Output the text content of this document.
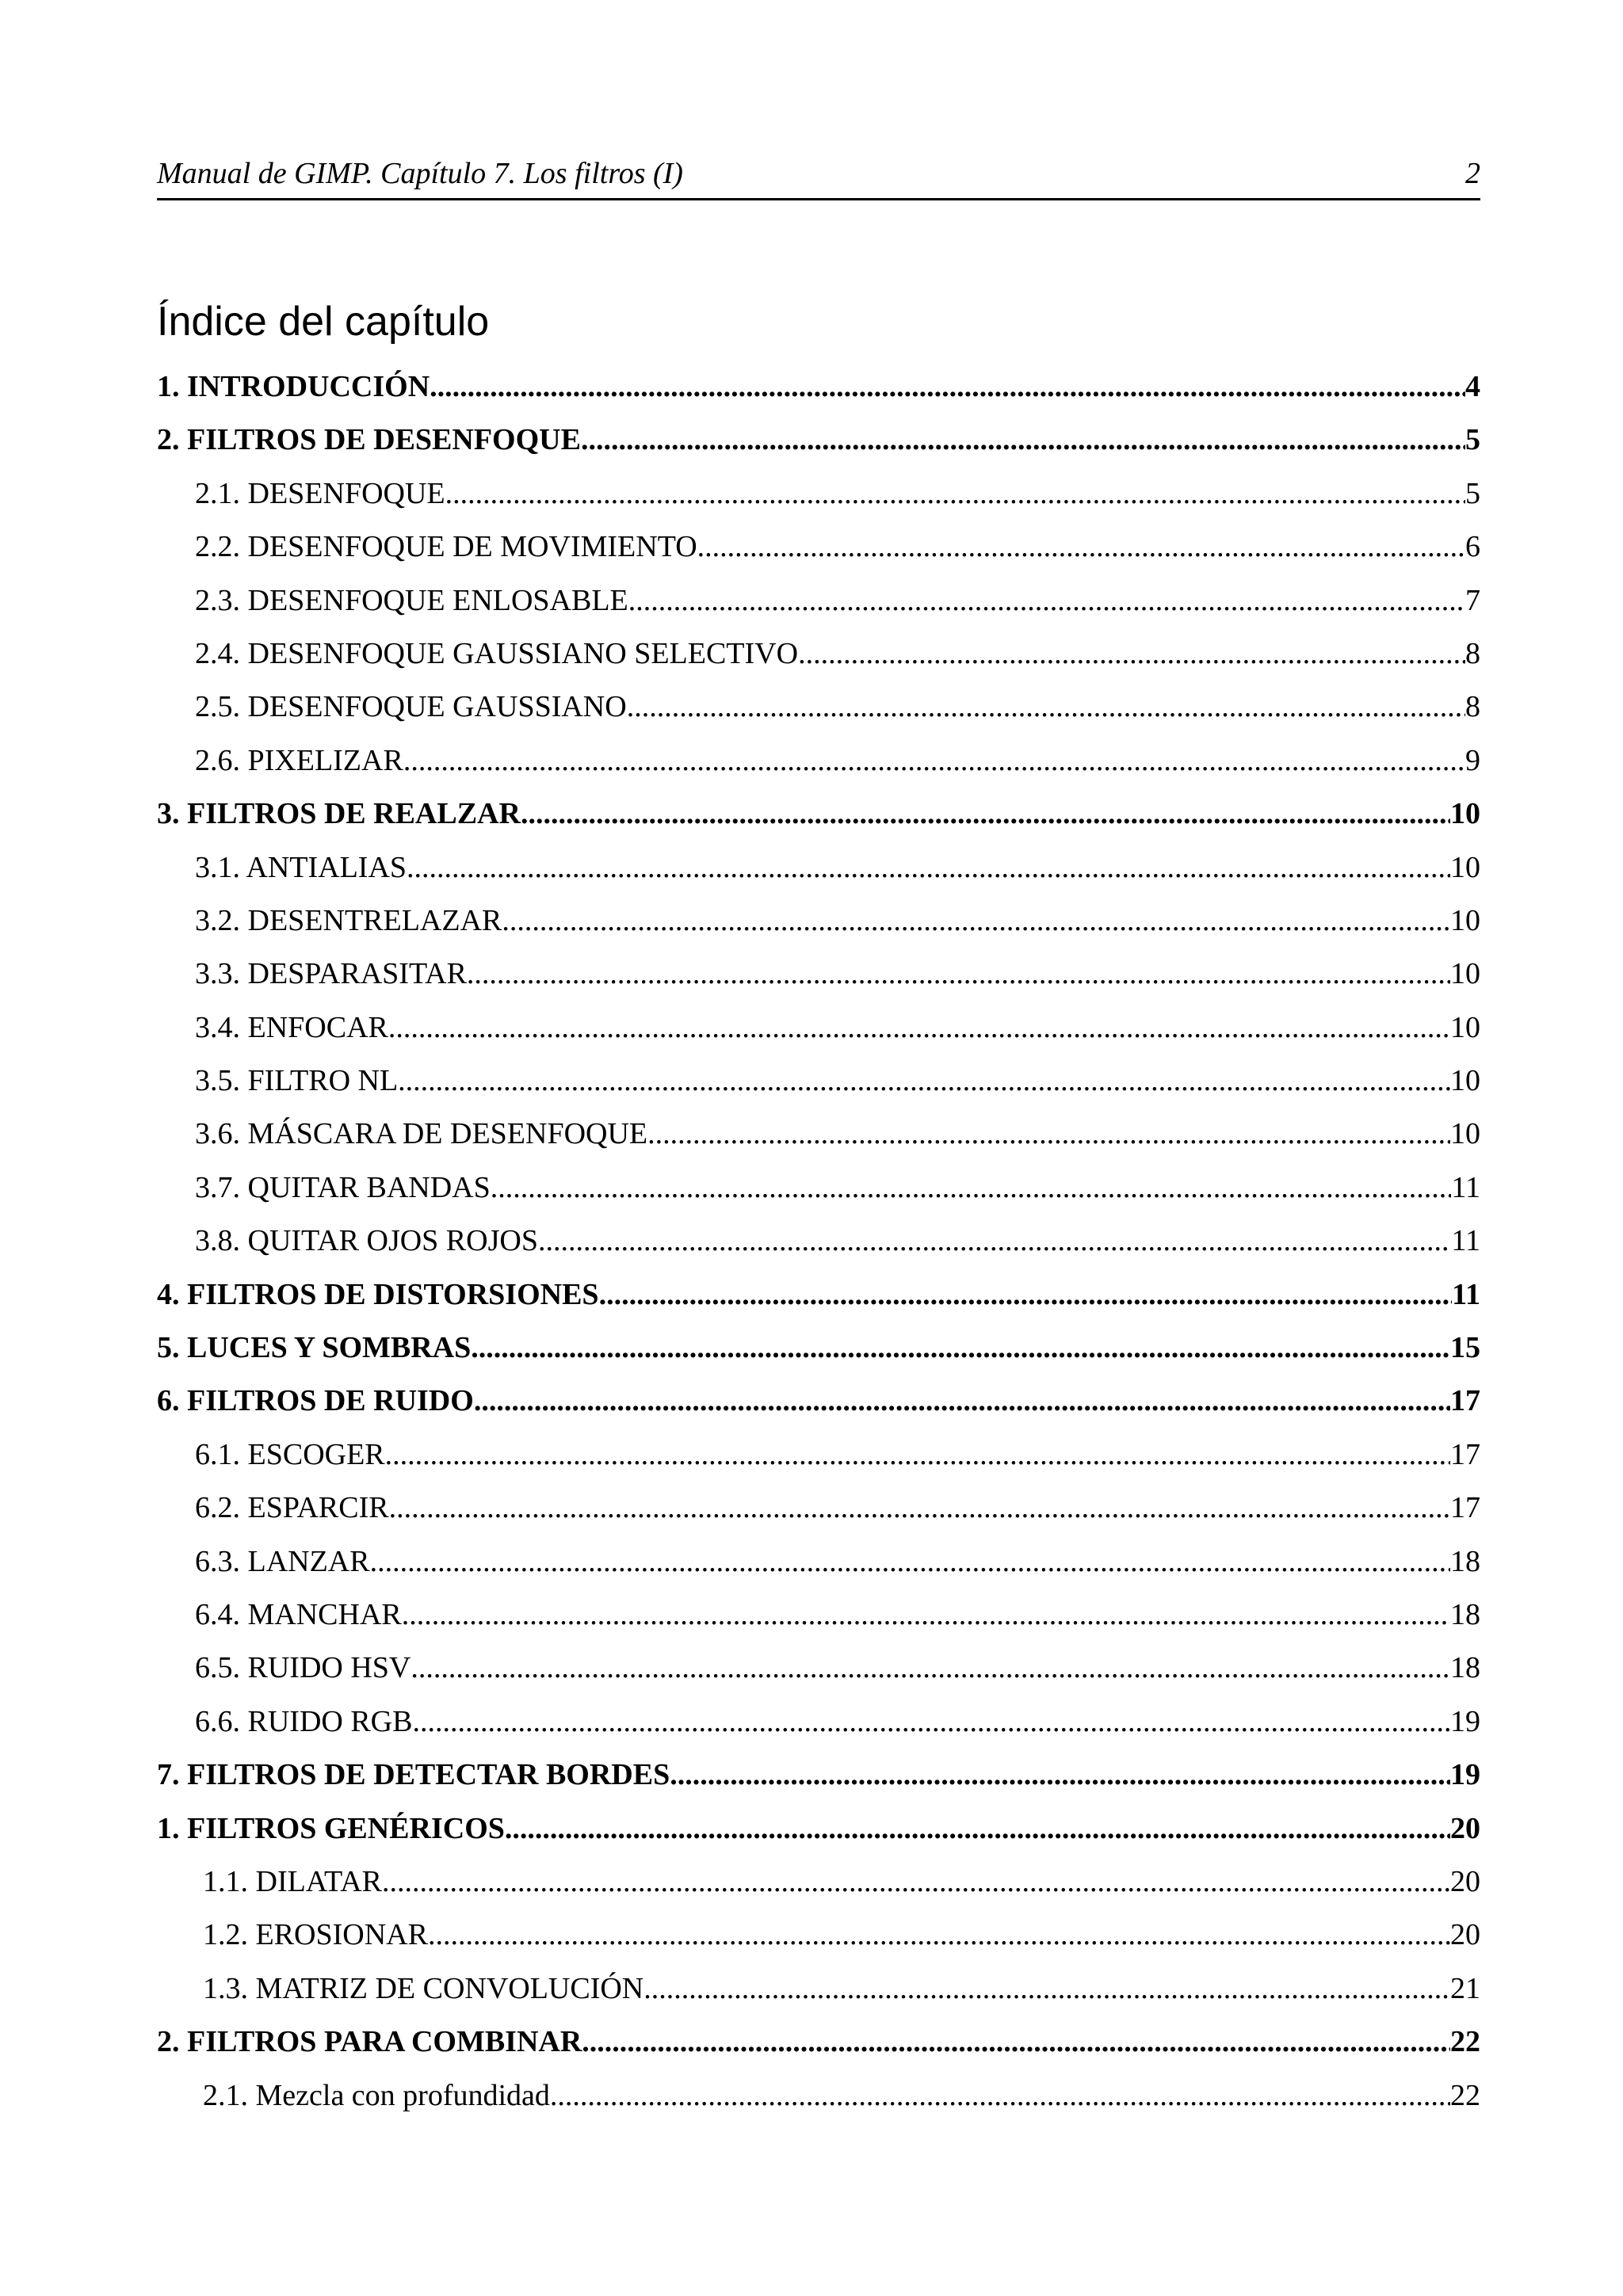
Manual de GIMP. Capítulo 7. Los filtros (I)	2
Índice del capítulo
1. INTRODUCCIÓN .....	4
2. FILTROS DE DESENFOQUE .....	5
2.1. DESENFOQUE .....	5
2.2. DESENFOQUE DE MOVIMIENTO .....	6
2.3. DESENFOQUE ENLOSABLE .....	7
2.4. DESENFOQUE GAUSSIANO SELECTIVO .....	8
2.5. DESENFOQUE GAUSSIANO .....	8
2.6. PIXELIZAR .....	9
3. FILTROS DE REALZAR .....	10
3.1. ANTIALIAS .....	10
3.2. DESENTRELAZAR .....	10
3.3. DESPARASITAR .....	10
3.4. ENFOCAR .....	10
3.5. FILTRO NL .....	10
3.6. MÁSCARA DE DESENFOQUE .....	10
3.7. QUITAR BANDAS .....	11
3.8. QUITAR OJOS ROJOS .....	11
4. FILTROS DE DISTORSIONES .....	11
5. LUCES Y SOMBRAS .....	15
6. FILTROS DE RUIDO .....	17
6.1. ESCOGER .....	17
6.2. ESPARCIR .....	17
6.3. LANZAR .....	18
6.4. MANCHAR .....	18
6.5. RUIDO HSV .....	18
6.6. RUIDO RGB .....	19
7. FILTROS DE DETECTAR BORDES .....	19
1. FILTROS GENÉRICOS .....	20
1.1. DILATAR .....	20
1.2. EROSIONAR .....	20
1.3. MATRIZ DE CONVOLUCIÓN .....	21
2. FILTROS PARA COMBINAR .....	22
2.1. Mezcla con profundidad .....	22
